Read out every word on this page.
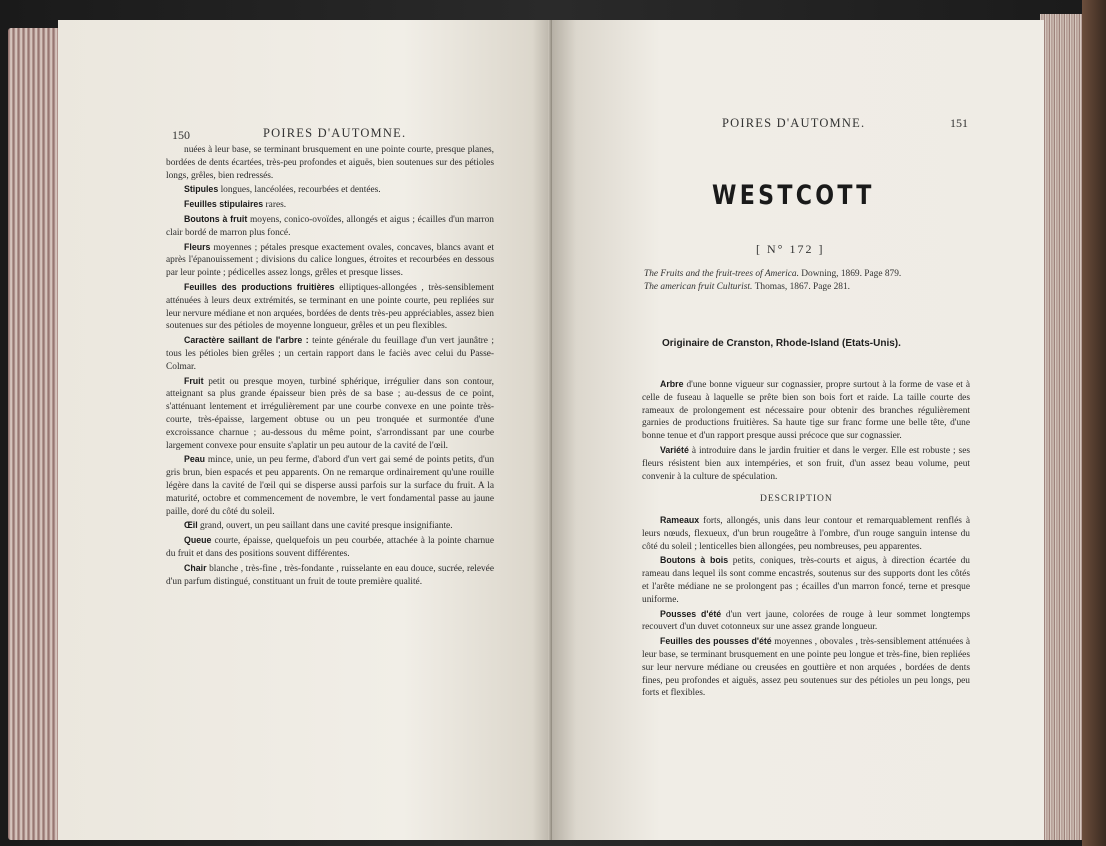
150	POIRES D'AUTOMNE.

nuées à leur base, se terminant brusquement en une pointe courte, presque planes, bordées de dents écartées, très-peu profondes et aiguës, bien soutenues sur des pétioles longs, grêles, bien redressés.

Stipules longues, lancéolées, recourbées et dentées.

Feuilles stipulaires rares.

Boutons à fruit moyens, conico-ovoïdes, allongés et aigus ; écailles d'un marron clair bordé de marron plus foncé.

Fleurs moyennes ; pétales presque exactement ovales, concaves, blancs avant et après l'épanouissement ; divisions du calice longues, étroites et recourbées en dessous par leur pointe ; pédicelles assez longs, grêles et presque lisses.

Feuilles des productions fruitières elliptiques-allongées , très-sensiblement atténuées à leurs deux extrémités, se terminant en une pointe courte, peu repliées sur leur nervure médiane et non arquées, bordées de dents très-peu appréciables, assez bien soutenues sur des pétioles de moyenne longueur, grêles et un peu flexibles.

Caractère saillant de l'arbre : teinte générale du feuillage d'un vert jaunâtre ; tous les pétioles bien grêles ; un certain rapport dans le faciès avec celui du Passe-Colmar.

Fruit petit ou presque moyen, turbiné sphérique, irrégulier dans son contour, atteignant sa plus grande épaisseur bien près de sa base ; au-dessus de ce point, s'atténuant lentement et irrégulièrement par une courbe convexe en une pointe très-courte, très-épaisse, largement obtuse ou un peu tronquée et surmontée d'une excroissance charnue ; au-dessous du même point, s'arrondissant par une courbe largement convexe pour ensuite s'aplatir un peu autour de la cavité de l'œil.

Peau mince, unie, un peu ferme, d'abord d'un vert gai semé de points petits, d'un gris brun, bien espacés et peu apparents. On ne remarque ordinairement qu'une rouille légère dans la cavité de l'œil qui se disperse aussi parfois sur la surface du fruit. A la maturité, octobre et commencement de novembre, le vert fondamental passe au jaune paille, doré du côté du soleil.

Œil grand, ouvert, un peu saillant dans une cavité presque insignifiante.

Queue courte, épaisse, quelquefois un peu courbée, attachée à la pointe charnue du fruit et dans des positions souvent différentes.

Chair blanche , très-fine , très-fondante , ruisselante en eau douce, sucrée, relevée d'un parfum distingué, constituant un fruit de toute première qualité.

POIRES D'AUTOMNE.	151
WESTCOTT
[ N° 172 ]
The Fruits and the fruit-trees of America. Downing, 1869. Page 879.
The american fruit Culturist. Thomas, 1867. Page 281.
Originaire de Cranston, Rhode-Island (Etats-Unis).

Arbre d'une bonne vigueur sur cognassier, propre surtout à la forme de vase et à celle de fuseau à laquelle se prête bien son bois fort et raide. La taille courte des rameaux de prolongement est nécessaire pour obtenir des branches régulièrement garnies de productions fruitières. Sa haute tige sur franc forme une belle tête, d'une bonne tenue et d'un rapport presque aussi précoce que sur cognassier.

Variété à introduire dans le jardin fruitier et dans le verger. Elle est robuste ; ses fleurs résistent bien aux intempéries, et son fruit, d'un assez beau volume, peut convenir à la culture de spéculation.

DESCRIPTION

Rameaux forts, allongés, unis dans leur contour et remarquablement renflés à leurs nœuds, flexueux, d'un brun rougeâtre à l'ombre, d'un rouge sanguin intense du côté du soleil ; lenticelles bien allongées, peu nombreuses, peu apparentes.

Boutons à bois petits, coniques, très-courts et aigus, à direction écartée du rameau dans lequel ils sont comme encastrés, soutenus sur des supports dont les côtés et l'arête médiane ne se prolongent pas ; écailles d'un marron foncé, terne et presque uniforme.

Pousses d'été d'un vert jaune, colorées de rouge à leur sommet longtemps recouvert d'un duvet cotonneux sur une assez grande longueur.

Feuilles des pousses d'été moyennes , obovales , très-sensiblement atténuées à leur base, se terminant brusquement en une pointe peu longue et très-fine, bien repliées sur leur nervure médiane ou creusées en gouttière et non arquées , bordées de dents fines, peu profondes et aiguës, assez peu soutenues sur des pétioles un peu longs, peu forts et flexibles.
